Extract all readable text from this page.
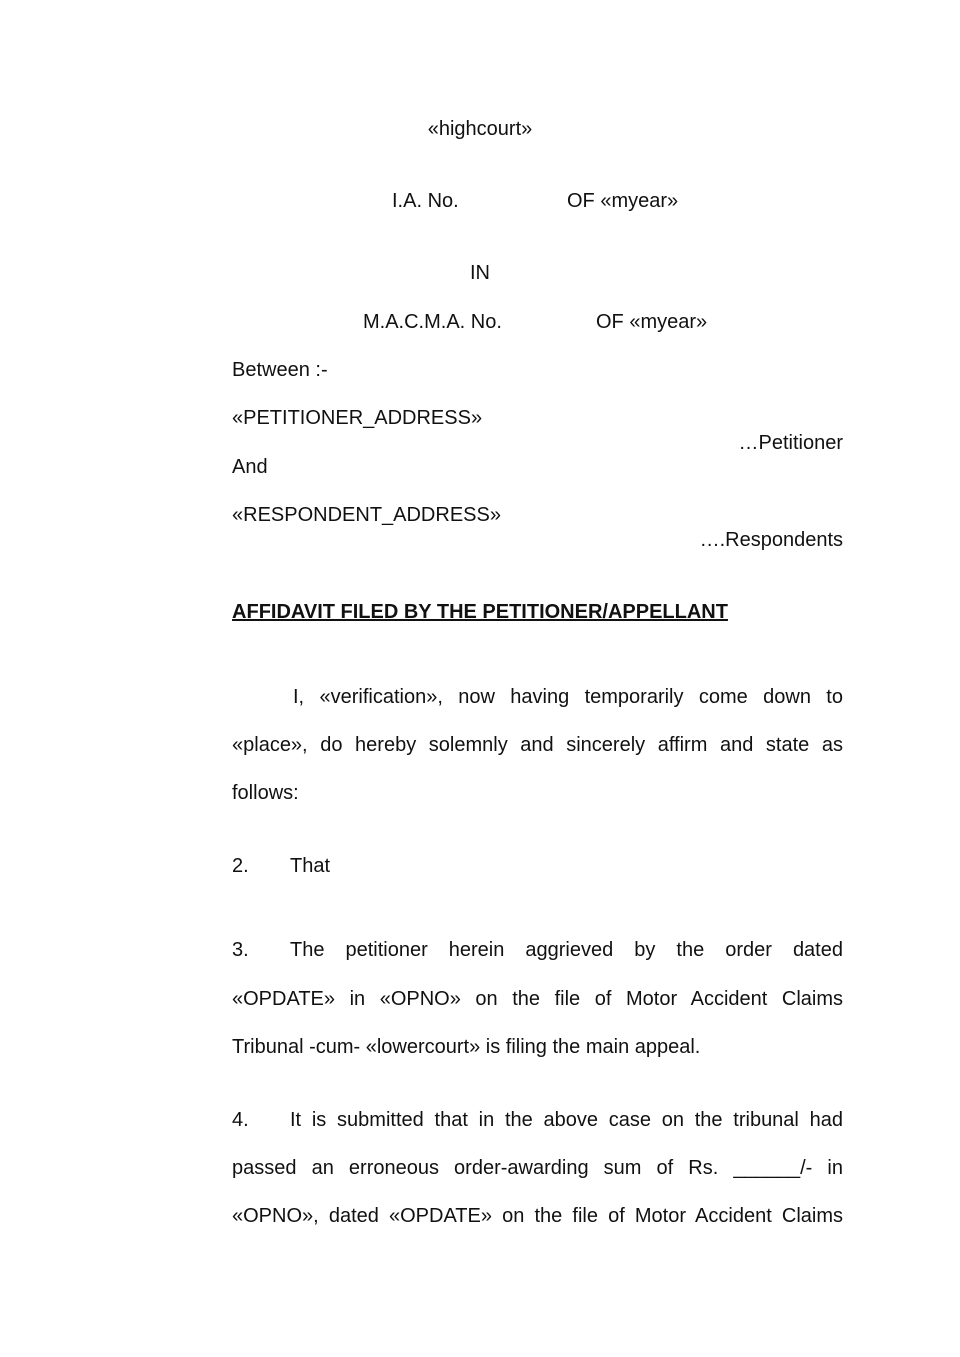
«highcourt»
I.A. No.	OF «myear»
IN
M.A.C.M.A. No.	OF «myear»
Between :-
«PETITIONER_ADDRESS»
…Petitioner
And
«RESPONDENT_ADDRESS»
….Respondents
AFFIDAVIT FILED BY THE PETITIONER/APPELLANT
I, «verification», now having temporarily come down to
«place», do hereby solemnly and sincerely affirm and state as
follows:
2. That
3. The petitioner herein aggrieved by the order dated
«OPDATE» in «OPNO» on the file of Motor Accident Claims
Tribunal -cum- «lowercourt» is filing the main appeal.
4. It is submitted that in the above case on the tribunal had
passed an erroneous order-awarding sum of Rs. ______/- in
«OPNO», dated «OPDATE» on the file of Motor Accident Claims
